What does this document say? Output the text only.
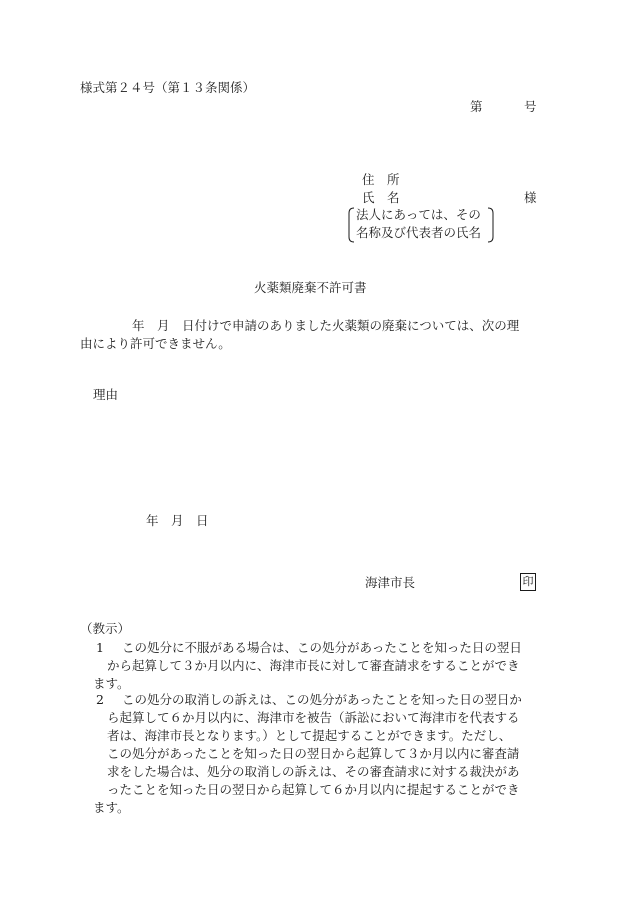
様式第２４号（第１３条関係）
第	号
住　所
氏　名	様
法人にあっては、その
名称及び代表者の氏名
火薬類廃棄不許可書
年　月　日付けで申請のありました火薬類の廃棄については、次の理
由により許可できません。
理由
年　月　日
海津市長	印
（教示）
1 この処分に不服がある場合は、この処分があったことを知った日の翌日
から起算して３か月以内に、海津市長に対して審査請求をすることができ
ます。
2 この処分の取消しの訴えは、この処分があったことを知った日の翌日か
ら起算して６か月以内に、海津市を被告（訴訟において海津市を代表する
者は、海津市長となります。）として提起することができます。ただし、
この処分があったことを知った日の翌日から起算して３か月以内に審査請
求をした場合は、処分の取消しの訴えは、その審査請求に対する裁決があ
ったことを知った日の翌日から起算して６か月以内に提起することができ
ます。
